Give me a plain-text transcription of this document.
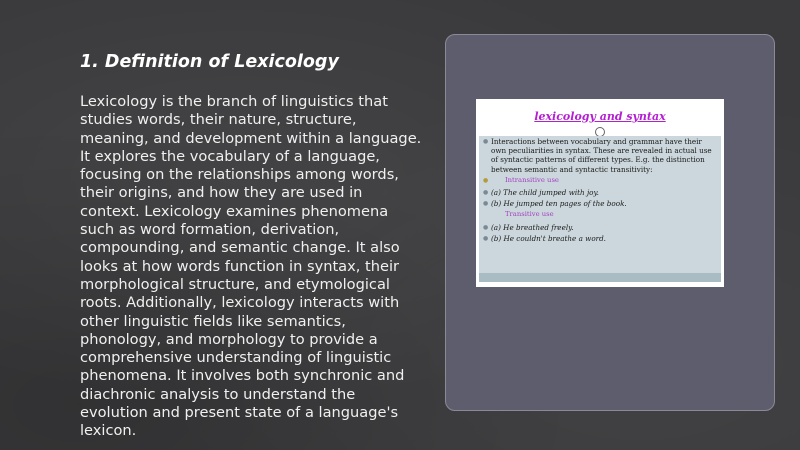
1. Definition of Lexicology

Lexicology is the branch of linguistics that studies words, their nature, structure, meaning, and development within a language. It explores the vocabulary of a language, focusing on the relationships among words, their origins, and how they are used in context. Lexicology examines phenomena such as word formation, derivation, compounding, and semantic change. It also looks at how words function in syntax, their morphological structure, and etymological roots. Additionally, lexicology interacts with other linguistic fields like semantics, phonology, and morphology to provide a comprehensive understanding of linguistic phenomena. It involves both synchronic and diachronic analysis to understand the evolution and present state of a language's lexicon.

lexicology and syntax
● Interactions between vocabulary and grammar have their own peculiarities in syntax. These are revealed in actual use of syntactic patterns of different types. E.g. the distinction between semantic and syntactic transitivity:
● Intransitive use
● (a) The child jumped with joy.
● (b) He jumped ten pages of the book.
Transitive use
● (a) He breathed freely.
● (b) He couldn't breathe a word.
